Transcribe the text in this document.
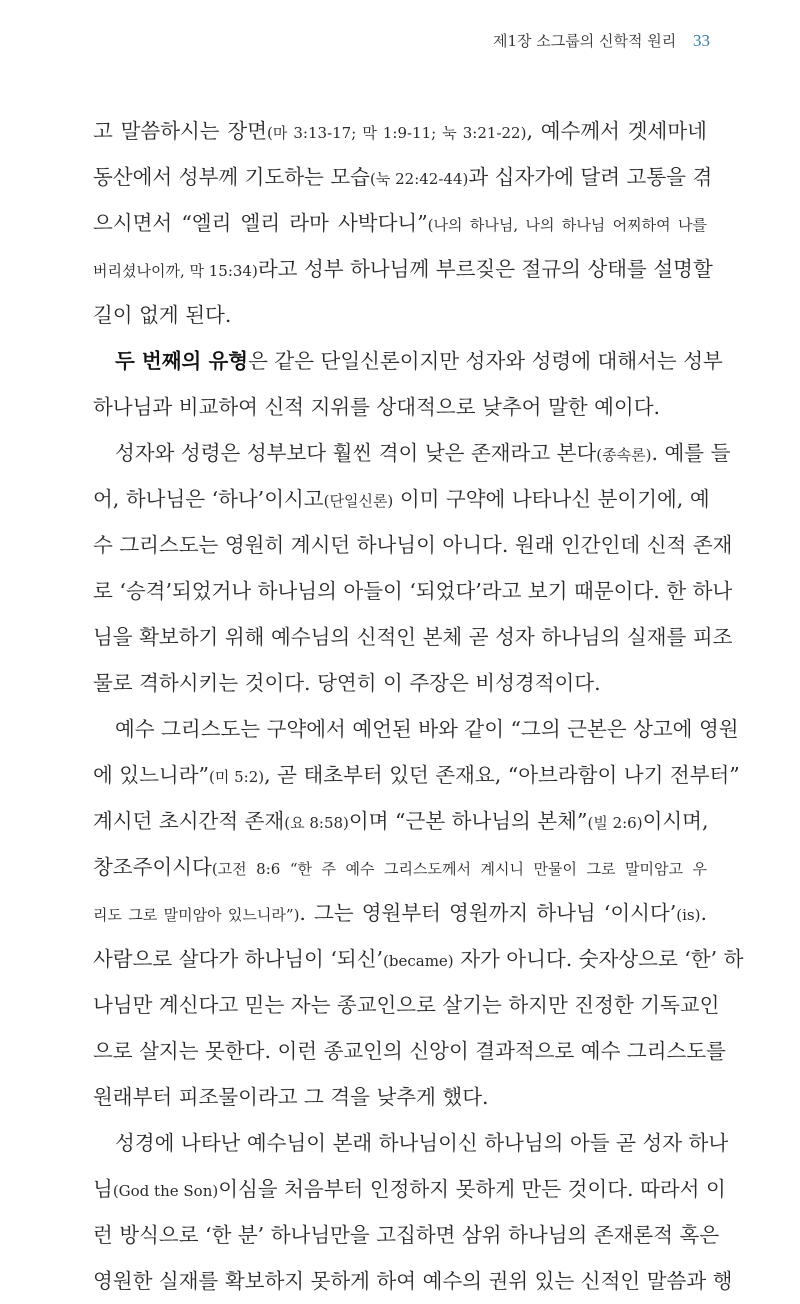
제1장 소그룹의 신학적 원리 33
고 말씀하시는 장면(마 3:13-17; 막 1:9-11; 눅 3:21-22), 예수께서 겟세마네
동산에서 성부께 기도하는 모습(눅 22:42-44)과 십자가에 달려 고통을 겪
으시면서 “엘리 엘리 라마 사박다니”(나의 하나님, 나의 하나님 어찌하여 나를
버리셨나이까, 막 15:34)라고 성부 하나님께 부르짖은 절규의 상태를 설명할
길이 없게 된다.
두 번째의 유형은 같은 단일신론이지만 성자와 성령에 대해서는 성부
하나님과 비교하여 신적 지위를 상대적으로 낮추어 말한 예이다.
성자와 성령은 성부보다 훨씬 격이 낮은 존재라고 본다(종속론). 예를 들
어, 하나님은 ‘하나’이시고(단일신론) 이미 구약에 나타나신 분이기에, 예
수 그리스도는 영원히 계시던 하나님이 아니다. 원래 인간인데 신적 존재
로 ‘승격’되었거나 하나님의 아들이 ‘되었다’라고 보기 때문이다. 한 하나
님을 확보하기 위해 예수님의 신적인 본체 곧 성자 하나님의 실재를 피조
물로 격하시키는 것이다. 당연히 이 주장은 비성경적이다.
예수 그리스도는 구약에서 예언된 바와 같이 “그의 근본은 상고에 영원
에 있느니라”(미 5:2), 곧 태초부터 있던 존재요, “아브라함이 나기 전부터”
계시던 초시간적 존재(요 8:58)이며 “근본 하나님의 본체”(빌 2:6)이시며,
창조주이시다(고전 8:6 “한 주 예수 그리스도께서 계시니 만물이 그로 말미암고 우
리도 그로 말미암아 있느니라”). 그는 영원부터 영원까지 하나님 ‘이시다’(is).
사람으로 살다가 하나님이 ‘되신’(became) 자가 아니다. 숫자상으로 ‘한’ 하
나님만 계신다고 믿는 자는 종교인으로 살기는 하지만 진정한 기독교인
으로 살지는 못한다. 이런 종교인의 신앙이 결과적으로 예수 그리스도를
원래부터 피조물이라고 그 격을 낮추게 했다.
성경에 나타난 예수님이 본래 하나님이신 하나님의 아들 곧 성자 하나
님(God the Son)이심을 처음부터 인정하지 못하게 만든 것이다. 따라서 이
런 방식으로 ‘한 분’ 하나님만을 고집하면 삼위 하나님의 존재론적 혹은
영원한 실재를 확보하지 못하게 하여 예수의 권위 있는 신적인 말씀과 행
